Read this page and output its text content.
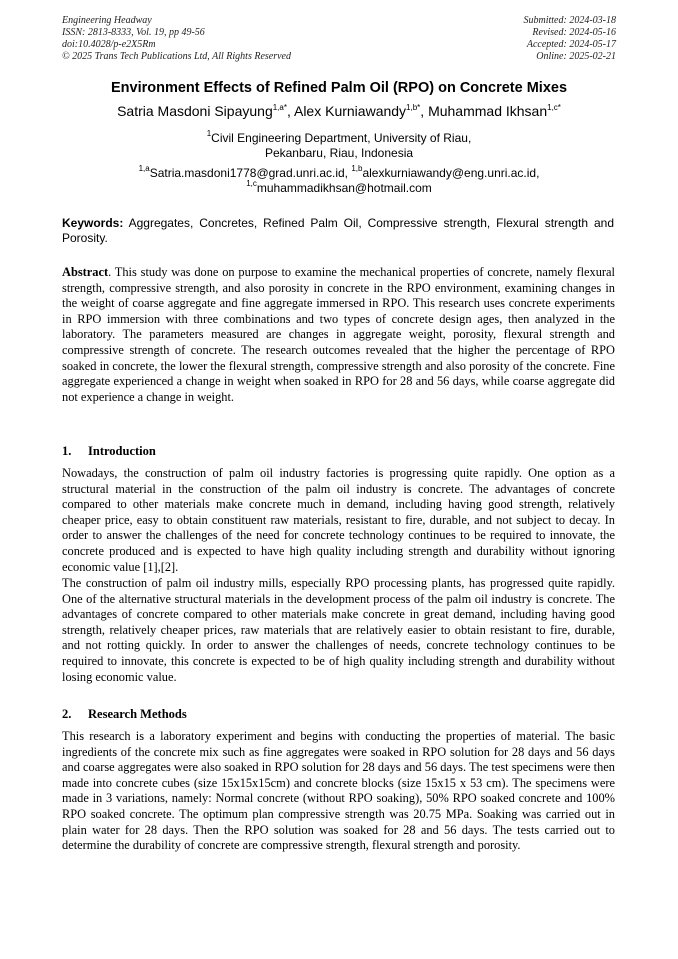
Engineering Headway
ISSN: 2813-8333, Vol. 19, pp 49-56
doi:10.4028/p-e2X5Rm
© 2025 Trans Tech Publications Ltd, All Rights Reserved
Submitted: 2024-03-18
Revised: 2024-05-16
Accepted: 2024-05-17
Online: 2025-02-21
Environment Effects of Refined Palm Oil (RPO) on Concrete Mixes
Satria Masdoni Sipayung$^{1,a*}$, Alex Kurniawandy$^{1,b*}$, Muhammad Ikhsan$^{1,c*}$
$^1$Civil Engineering Department, University of Riau,
Pekanbaru, Riau, Indonesia
$^{1,a}$Satria.masdoni1778@grad.unri.ac.id, $^{1,b}$alexkurniawandy@eng.unri.ac.id,
$^{1,c}$muhammadikhsan@hotmail.com
Keywords: Aggregates, Concretes, Refined Palm Oil, Compressive strength, Flexural strength and Porosity.
Abstract. This study was done on purpose to examine the mechanical properties of concrete, namely flexural strength, compressive strength, and also porosity in concrete in the RPO environment, examining changes in the weight of coarse aggregate and fine aggregate immersed in RPO. This research uses concrete experiments in RPO immersion with three combinations and two types of concrete design ages, then analyzed in the laboratory. The parameters measured are changes in aggregate weight, porosity, flexural strength and compressive strength of concrete. The research outcomes revealed that the higher the percentage of RPO soaked in concrete, the lower the flexural strength, compressive strength and also porosity of the concrete. Fine aggregate experienced a change in weight when soaked in RPO for 28 and 56 days, while coarse aggregate did not experience a change in weight.
1. Introduction
Nowadays, the construction of palm oil industry factories is progressing quite rapidly. One option as a structural material in the construction of the palm oil industry is concrete. The advantages of concrete compared to other materials make concrete much in demand, including having good strength, relatively cheaper price, easy to obtain constituent raw materials, resistant to fire, durable, and not subject to decay. In order to answer the challenges of the need for concrete technology continues to be required to innovate, the concrete produced and is expected to have high quality including strength and durability without ignoring economic value [1],[2].
The construction of palm oil industry mills, especially RPO processing plants, has progressed quite rapidly. One of the alternative structural materials in the development process of the palm oil industry is concrete. The advantages of concrete compared to other materials make concrete in great demand, including having good strength, relatively cheaper prices, raw materials that are relatively easier to obtain resistant to fire, durable, and not rotting quickly. In order to answer the challenges of needs, concrete technology continues to be required to innovate, this concrete is expected to be of high quality including strength and durability without losing economic value.
2. Research Methods
This research is a laboratory experiment and begins with conducting the properties of material. The basic ingredients of the concrete mix such as fine aggregates were soaked in RPO solution for 28 days and 56 days and coarse aggregates were also soaked in RPO solution for 28 days and 56 days. The test specimens were then made into concrete cubes (size 15x15x15cm) and concrete blocks (size 15x15 x 53 cm). The specimens were made in 3 variations, namely: Normal concrete (without RPO soaking), 50% RPO soaked concrete and 100% RPO soaked concrete. The optimum plan compressive strength was 20.75 MPa. Soaking was carried out in plain water for 28 days. Then the RPO solution was soaked for 28 and 56 days. The tests carried out to determine the durability of concrete are compressive strength, flexural strength and porosity.
